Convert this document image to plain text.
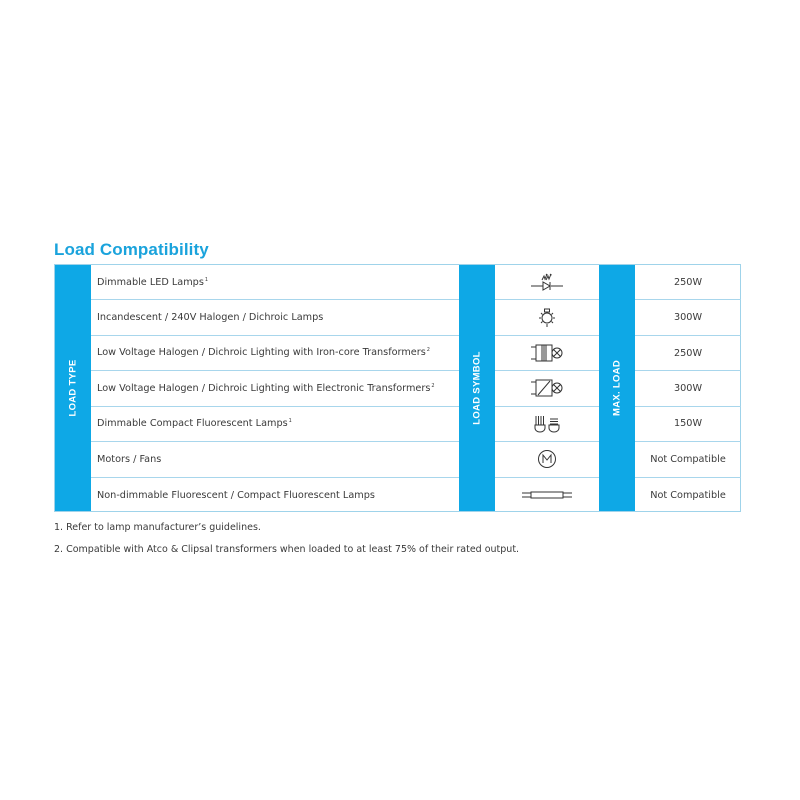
Load Compatibility
LOAD TYPE
Dimmable LED Lamps$^1$
Incandescent / 240V Halogen / Dichroic Lamps
Low Voltage Halogen / Dichroic Lighting with Iron-core Transformers$^2$
Low Voltage Halogen / Dichroic Lighting with Electronic Transformers$^2$
Dimmable Compact Fluorescent Lamps$^1$
Motors / Fans
Non-dimmable Fluorescent / Compact Fluorescent Lamps
LOAD SYMBOL	MAX. LOAD
250W
300W
250W
300W
150W
Not Compatible
Not Compatible
1. Refer to lamp manufacturer’s guidelines.
2. Compatible with Atco & Clipsal transformers when loaded to at least 75% of their rated output.
